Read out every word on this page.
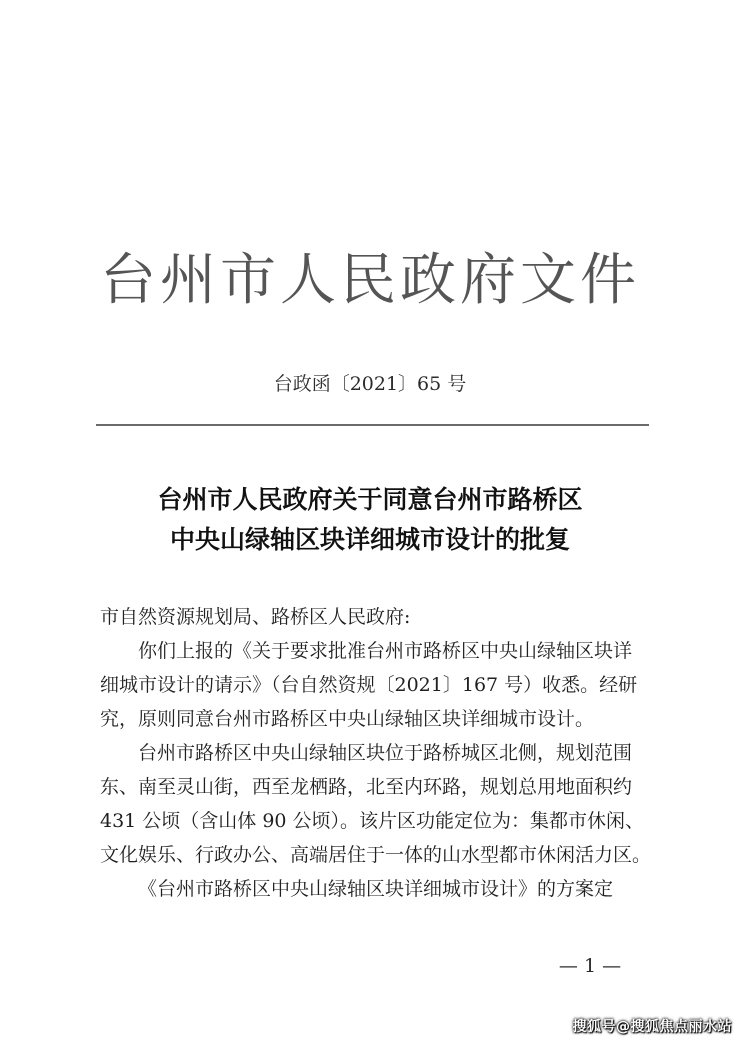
台州市人民政府文件
台政函〔2021〕65 号
台州市人民政府关于同意台州市路桥区
中央山绿轴区块详细城市设计的批复
市自然资源规划局、路桥区人民政府:
你们上报的《关于要求批准台州市路桥区中央山绿轴区块详
细城市设计的请示》（台自然资规〔2021〕167 号）收悉。经研
究，原则同意台州市路桥区中央山绿轴区块详细城市设计。
台州市路桥区中央山绿轴区块位于路桥城区北侧，规划范围
东、南至灵山街，西至龙栖路，北至内环路，规划总用地面积约
431 公顷（含山体 90 公顷）。该片区功能定位为：集都市休闲、
文化娱乐、行政办公、高端居住于一体的山水型都市休闲活力区。
《台州市路桥区中央山绿轴区块详细城市设计》的方案定
— 1 —
搜狐号@搜狐焦点丽水站
